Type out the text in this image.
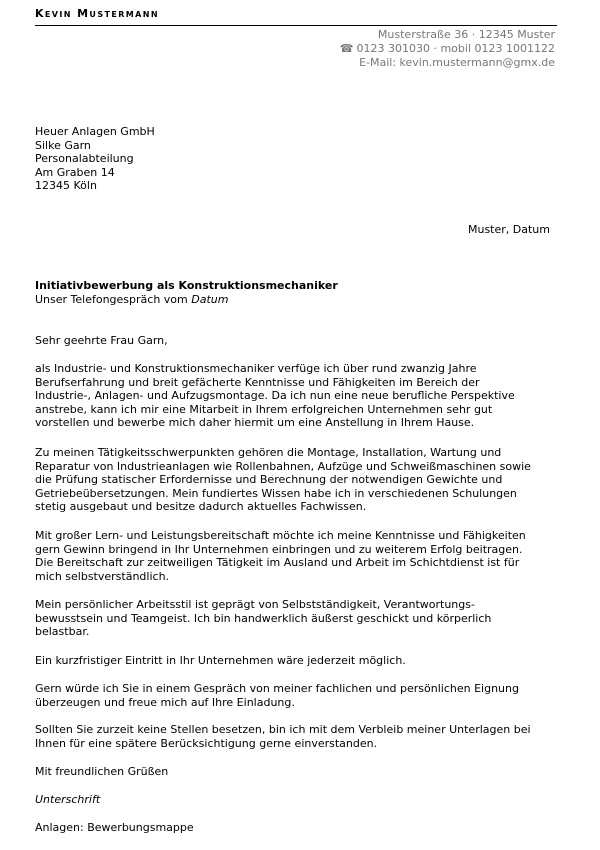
Kevin Mustermann
Musterstraße 36 · 12345 Muster
☎ 0123 301030 · mobil 0123 1001122
E-Mail: kevin.mustermann@gmx.de
Heuer Anlagen GmbH
Silke Garn
Personalabteilung
Am Graben 14
12345 Köln
Muster, Datum
Initiativbewerbung als Konstruktionsmechaniker
Unser Telefongespräch vom Datum
Sehr geehrte Frau Garn,
als Industrie- und Konstruktionsmechaniker verfüge ich über rund zwanzig Jahre
Berufserfahrung und breit gefächerte Kenntnisse und Fähigkeiten im Bereich der
Industrie-, Anlagen- und Aufzugsmontage. Da ich nun eine neue berufliche Perspektive
anstrebe, kann ich mir eine Mitarbeit in Ihrem erfolgreichen Unternehmen sehr gut
vorstellen und bewerbe mich daher hiermit um eine Anstellung in Ihrem Hause.
Zu meinen Tätigkeitsschwerpunkten gehören die Montage, Installation, Wartung und
Reparatur von Industrieanlagen wie Rollenbahnen, Aufzüge und Schweißmaschinen sowie
die Prüfung statischer Erfordernisse und Berechnung der notwendigen Gewichte und
Getriebeübersetzungen. Mein fundiertes Wissen habe ich in verschiedenen Schulungen
stetig ausgebaut und besitze dadurch aktuelles Fachwissen.
Mit großer Lern- und Leistungsbereitschaft möchte ich meine Kenntnisse und Fähigkeiten
gern Gewinn bringend in Ihr Unternehmen einbringen und zu weiterem Erfolg beitragen.
Die Bereitschaft zur zeitweiligen Tätigkeit im Ausland und Arbeit im Schichtdienst ist für
mich selbstverständlich.
Mein persönlicher Arbeitsstil ist geprägt von Selbstständigkeit, Verantwortungs-
bewusstsein und Teamgeist. Ich bin handwerklich äußerst geschickt und körperlich
belastbar.
Ein kurzfristiger Eintritt in Ihr Unternehmen wäre jederzeit möglich.
Gern würde ich Sie in einem Gespräch von meiner fachlichen und persönlichen Eignung
überzeugen und freue mich auf Ihre Einladung.
Sollten Sie zurzeit keine Stellen besetzen, bin ich mit dem Verbleib meiner Unterlagen bei
Ihnen für eine spätere Berücksichtigung gerne einverstanden.
Mit freundlichen Grüßen
Unterschrift
Anlagen: Bewerbungsmappe
